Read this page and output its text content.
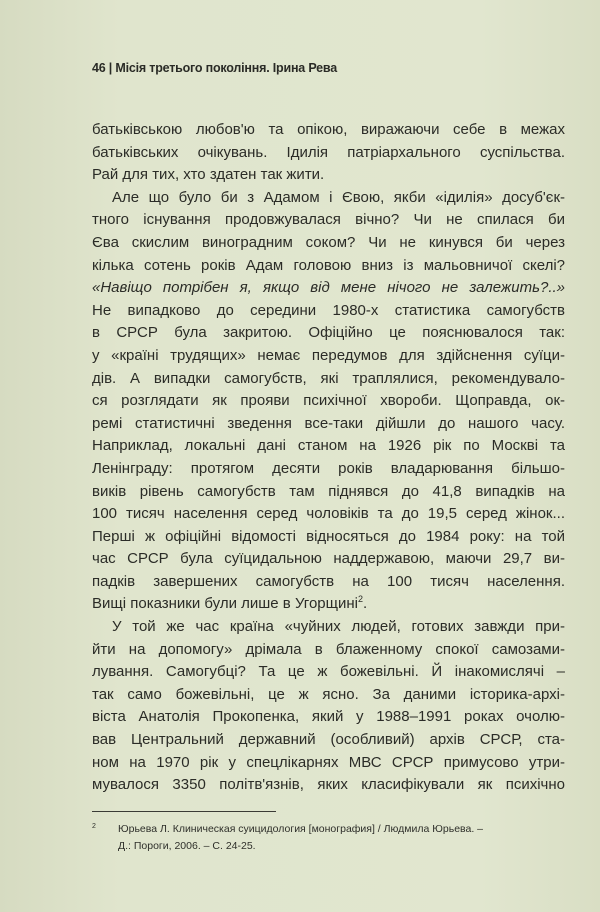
46 | Місія третього покоління. Ірина Рева
батьківською любов'ю та опікою, виражаючи себе в межах
батьківських очікувань. Ідилія патріархального суспільства.
Рай для тих, хто здатен так жити.
Але що було би з Адамом і Євою, якби «ідилія» досуб'єк-
тного існування продовжувалася вічно? Чи не спилася би
Єва скислим виноградним соком? Чи не кинувся би через
кілька сотень років Адам головою вниз із мальовничої скелі?
«Навіщо потрібен я, якщо від мене нічого не залежить?..»
Не випадково до середини 1980-х статистика самогубств
в СРСР була закритою. Офіційно це пояснювалося так:
у «країні трудящих» немає передумов для здійснення суїци-
дів. А випадки самогубств, які траплялися, рекомендувало-
ся розглядати як прояви психічної хвороби. Щоправда, ок-
ремі статистичні зведення все-таки дійшли до нашого часу.
Наприклад, локальні дані станом на 1926 рік по Москві та
Ленінграду: протягом десяти років владарювання більшо-
виків рівень самогубств там піднявся до 41,8 випадків на
100 тисяч населення серед чоловіків та до 19,5 серед жінок...
Перші ж офіційні відомості відносяться до 1984 року: на той
час СРСР була суїцидальною наддержавою, маючи 29,7 ви-
падків завершених самогубств на 100 тисяч населення.
Вищі показники були лише в Угорщині$^2$.
У той же час країна «чуйних людей, готових завжди при-
йти на допомогу» дрімала в блаженному спокої самозами-
лування. Самогубці? Та це ж божевільні. Й інакомислячі –
так само божевільні, це ж ясно. За даними історика-архі-
віста Анатолія Прокопенка, який у 1988–1991 роках очолю-
вав Центральний державний (особливий) архів СРСР, ста-
ном на 1970 рік у спецлікарнях МВС СРСР примусово утри-
мувалося 3350 політв'язнів, яких класифікували як психічно
2	Юрьева Л. Клиническая суицидология [монография] / Людмила Юрьева. –
Д.: Пороги, 2006. – С. 24-25.
